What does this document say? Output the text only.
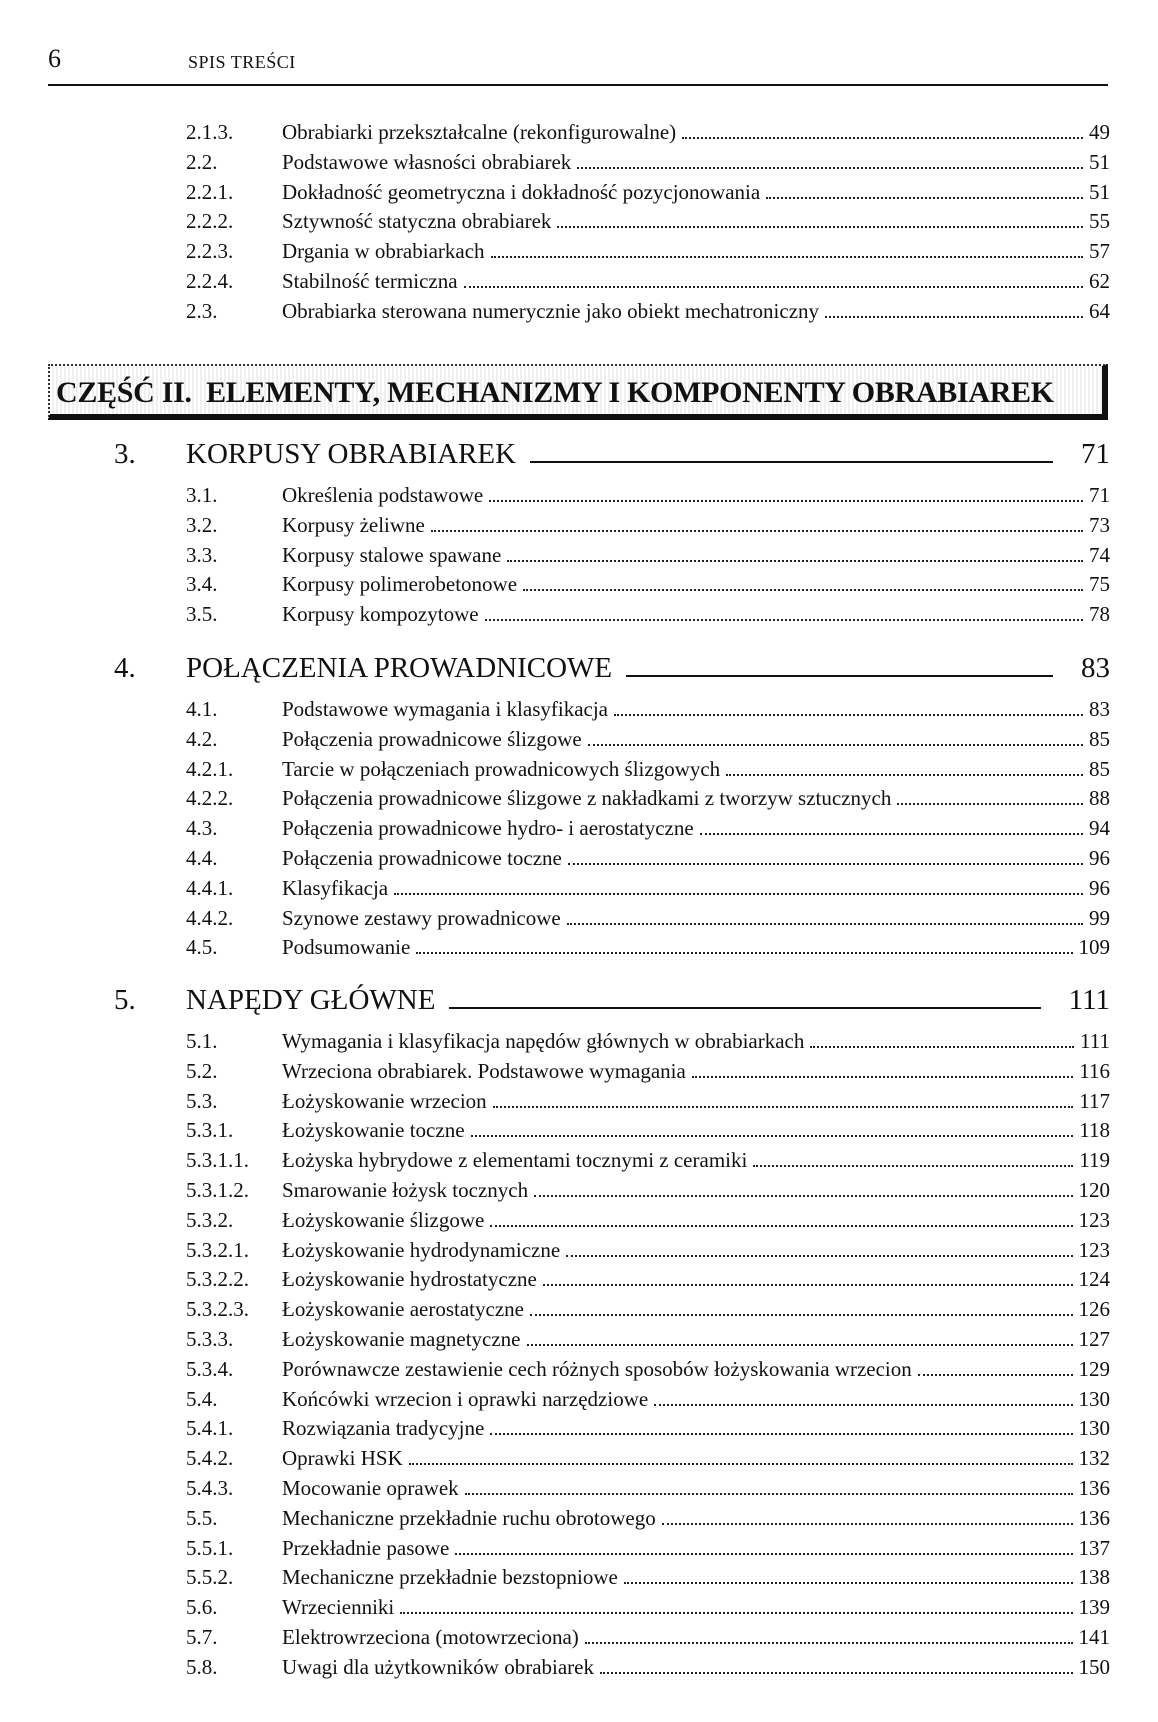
6	SPIS TREŚCI
2.1.3.	Obrabiarki przekształcalne (rekonfigurowalne)	49
2.2.	Podstawowe własności obrabiarek	51
2.2.1.	Dokładność geometryczna i dokładność pozycjonowania	51
2.2.2.	Sztywność statyczna obrabiarek	55
2.2.3.	Drgania w obrabiarkach	57
2.2.4.	Stabilność termiczna	62
2.3.	Obrabiarka sterowana numerycznie jako obiekt mechatroniczny	64
3. KORPUSY OBRABIAREK	71
3.1.	Określenia podstawowe	71
3.2.	Korpusy żeliwne	73
3.3.	Korpusy stalowe spawane	74
3.4.	Korpusy polimerobetonowe	75
3.5.	Korpusy kompozytowe	78
4. POŁĄCZENIA PROWADNICOWE	83
4.1.	Podstawowe wymagania i klasyfikacja	83
4.2.	Połączenia prowadnicowe ślizgowe	85
4.2.1.	Tarcie w połączeniach prowadnicowych ślizgowych	85
4.2.2.	Połączenia prowadnicowe ślizgowe z nakładkami z tworzyw sztucznych	88
4.3.	Połączenia prowadnicowe hydro- i aerostatyczne	94
4.4.	Połączenia prowadnicowe toczne	96
4.4.1.	Klasyfikacja	96
4.4.2.	Szynowe zestawy prowadnicowe	99
4.5.	Podsumowanie	109
5. NAPĘDY GŁÓWNE	111
5.1.	Wymagania i klasyfikacja napędów głównych w obrabiarkach	111
5.2.	Wrzeciona obrabiarek. Podstawowe wymagania	116
5.3.	Łożyskowanie wrzecion	117
5.3.1.	Łożyskowanie toczne	118
5.3.1.1.	Łożyska hybrydowe z elementami tocznymi z ceramiki	119
5.3.1.2.	Smarowanie łożysk tocznych	120
5.3.2.	Łożyskowanie ślizgowe	123
5.3.2.1.	Łożyskowanie hydrodynamiczne	123
5.3.2.2.	Łożyskowanie hydrostatyczne	124
5.3.2.3.	Łożyskowanie aerostatyczne	126
5.3.3.	Łożyskowanie magnetyczne	127
5.3.4.	Porównawcze zestawienie cech różnych sposobów łożyskowania wrzecion	129
5.4.	Końcówki wrzecion i oprawki narzędziowe	130
5.4.1.	Rozwiązania tradycyjne	130
5.4.2.	Oprawki HSK	132
5.4.3.	Mocowanie oprawek	136
5.5.	Mechaniczne przekładnie ruchu obrotowego	136
5.5.1.	Przekładnie pasowe	137
5.5.2.	Mechaniczne przekładnie bezstopniowe	138
5.6.	Wrzecienniki	139
5.7.	Elektrowrzeciona (motowrzeciona)	141
5.8.	Uwagi dla użytkowników obrabiarek	150
CZĘŚĆ II. ELEMENTY, MECHANIZMY I KOMPONENTY OBRABIAREK
